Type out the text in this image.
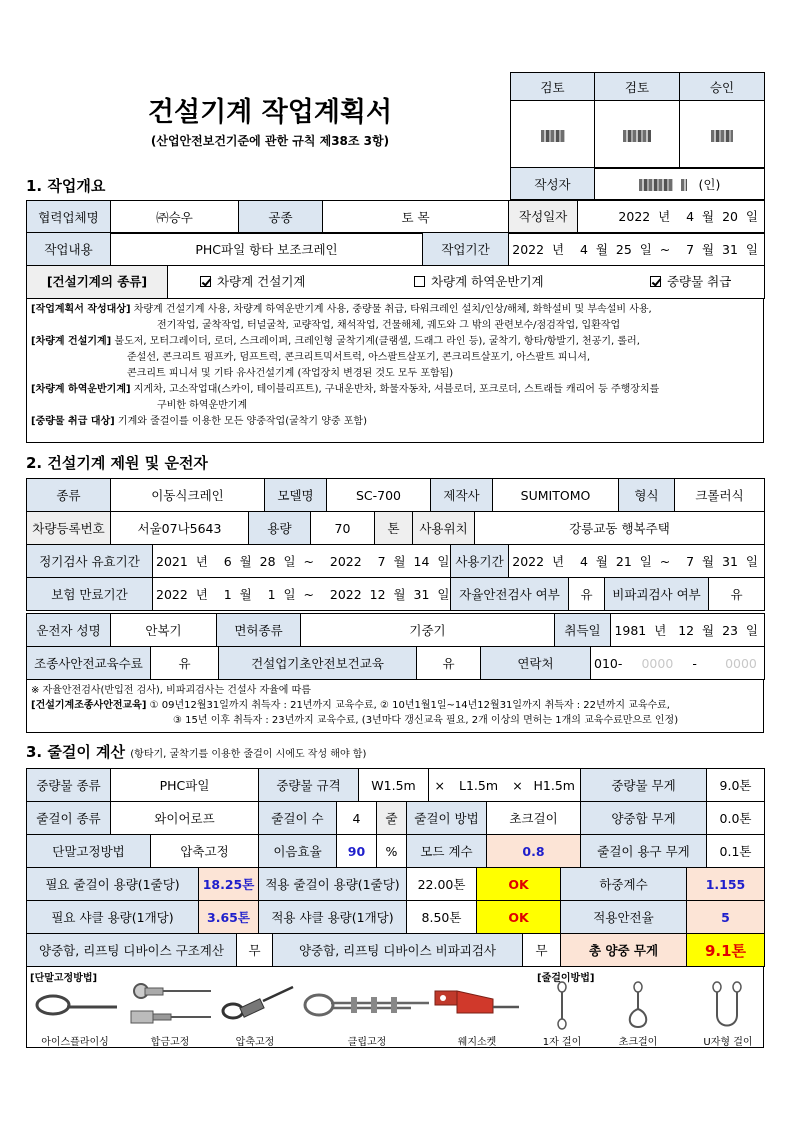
건설기계 작업계획서
(산업안전보건기준에 관한 규칙 제38조 3항)
검토	검토	승인

1. 작업개요	작성자	(인)
협력업체명	㈜승우	공종	토 목	작성일자	2022  년    4  월  20  일
작업내용	PHC파일 항타 보조크레인	작업기간	2022  년    4  월  25  일  ~    7  월  31  일
[건설기계의 종류]	차량계 건설기계	차량계 하역운반기계	중량물 취급
[작업계획서 작성대상] 차량계 건설기계 사용, 차량계 하역운반기계 사용, 중량물 취급, 타워크레인 설치/인상/해체, 화학설비 및 부속설비 사용,
전기작업, 굴착작업, 터널굴착, 교량작업, 채석작업, 건물해체, 궤도와 그 밖의 관련보수/점검작업, 입환작업
[차량계 건설기계] 불도저, 모터그레이더, 로더, 스크레이퍼, 크레인형 굴착기계(클램셀, 드래그 라인 등), 굴착기, 항타/항발기, 천공기, 롤러,
준설선, 콘크리트 펌프카, 덤프트럭, 콘크리트믹서트럭, 아스팔트살포기, 콘크리트살포기, 아스팔트 피니셔,
콘크리트 피니셔 및 기타 유사건설기계 (작업장치 변경된 것도 모두 포함됨)
[차량계 하역운반기계] 지게차, 고소작업대(스카이, 테이블리프트), 구내운반차, 화물자동차, 셔블로더, 포크로더, 스트래들 캐리어 등 주행장치를
구비한 하역운반기계
[중량물 취급 대상] 기계와 줄걸이를 이용한 모든 양중작업(굴착기 양중 포함)
2. 건설기계 제원 및 운전자
종류	이동식크레인	모델명	SC-700	제작사	SUMITOMO	형식	크롤러식
차량등록번호	서울07나5643	용량	70	톤	사용위치	강릉교동 행복주택
정기검사 유효기간	2021  년    6  월  28  일  ~    2022    7  월  14  일	사용기간	2022  년    4  월  21  일  ~    7  월  31  일
보험 만료기간	2022  년    1  월    1  일  ~    2022  12  월  31  일	자율안전검사 여부	유	비파괴검사 여부	유
운전자 성명	안복기	면허종류	기중기	취득일	1981  년   12  월  23  일
조종사안전교육수료	유	건설업기초안전보건교육	유	연락처	010- 0000 - 0000
※ 자율안전검사(반입전 검사), 비파괴검사는 건설사 자율에 따름
[건설기계조종사안전교육] ① 09년12월31일까지 취득자 : 21년까지 교육수료, ② 10년1월1일~14년12월31일까지 취득자 : 22년까지 교육수료,
③ 15년 이후 취득자 : 23년까지 교육수료, (3년마다 갱신교육 필요, 2개 이상의 면허는 1개의 교육수료만으로 인정)
3. 줄걸이 계산 (항타기, 굴착기를 이용한 줄걸이 시에도 작성 해야 함)
중량물 종류	PHC파일	중량물 규격	W1.5m	×	L1.5m	×	H1.5m	중량물 무게	9.0톤
줄걸이 종류	와이어로프	줄걸이 수	4	줄	줄걸이 방법	초크걸이	양중함 무게	0.0톤
단말고정방법	압축고정	이음효율	90	%	모드 계수	0.8	줄걸이 용구 무게	0.1톤
필요 줄걸이 용량(1줄당)	18.25톤	적용 줄걸이 용량(1줄당)	22.00톤	OK	하중계수	1.155
필요 샤클 용량(1개당)	3.65톤	적용 샤클 용량(1개당)	8.50톤	OK	적용안전율	5
양중함, 리프팅 디바이스 구조계산	무	양중함, 리프팅 디바이스 비파괴검사	무	총 양중 무게	9.1톤
[단말고정방법]	[줄걸이방법]
아이스플라이싱	합금고정	압축고정	클립고정	웨지소켓	1자 걸이	초크걸이	U자형 걸이
